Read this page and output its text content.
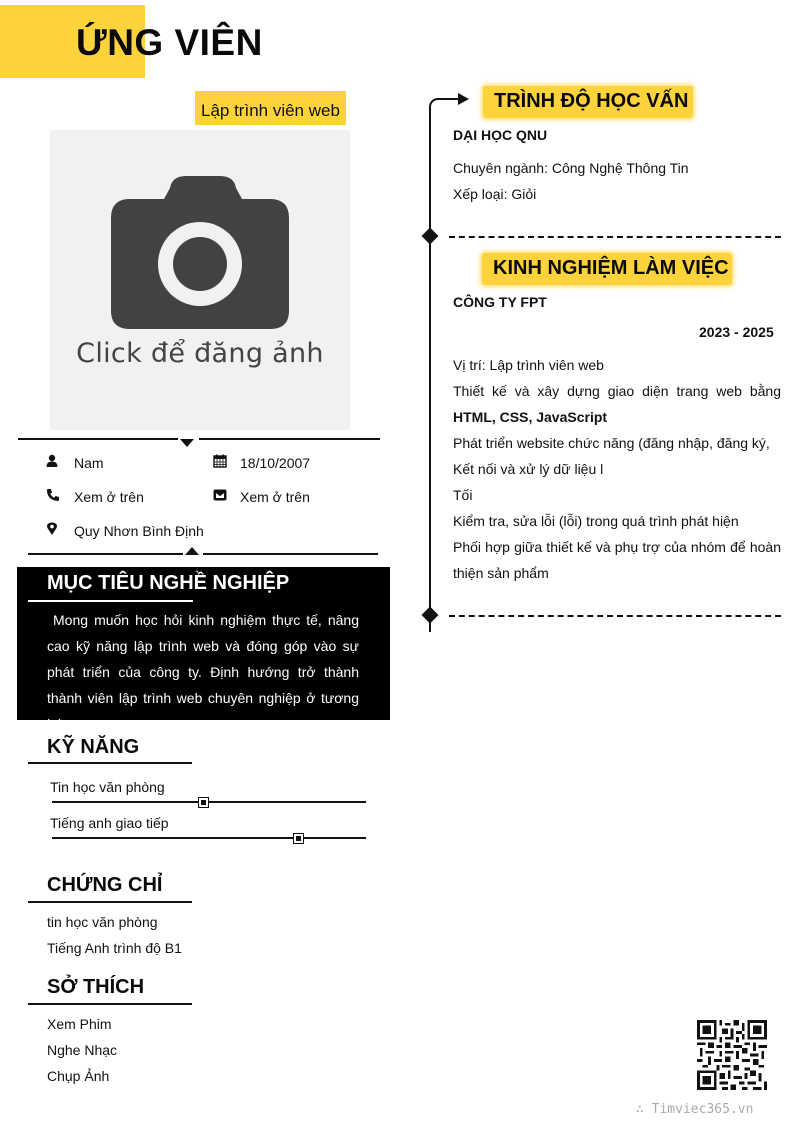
ỨNG VIÊN
Lập trình viên web
Click để đăng ảnh
Nam	18/10/2007
Xem ở trên	Xem ở trên
Quy Nhơn Bình Định
MỤC TIÊU NGHỀ NGHIỆP
Mong muốn học hỏi kinh nghiệm thực tế, nâng cao kỹ năng lập trình web và đóng góp vào sự phát triển của công ty. Định hướng trở thành thành viên lập trình web chuyên nghiệp ở tương lai.
KỸ NĂNG
Tin học văn phòng
Tiếng anh giao tiếp
CHỨNG CHỈ
tin học văn phòng
Tiếng Anh trình độ B1
SỞ THÍCH
Xem Phim
Nghe Nhạc
Chụp Ảnh
TRÌNH ĐỘ HỌC VẤN
DẠI HỌC QNU
Chuyên ngành: Công Nghệ Thông Tin
Xếp loại: Giỏi
KINH NGHIỆM LÀM VIỆC
CÔNG TY FPT
2023 - 2025
Vị trí: Lập trình viên web
Thiết kế và xây dựng giao diện trang web bằng
HTML, CSS, JavaScript
Phát triển website chức năng (đăng nhập, đăng ký,
Kết nối và xử lý dữ liệu l
Tối
Kiểm tra, sửa lỗi (lỗi) trong quá trình phát hiện
Phối hợp giữa thiết kế và phụ trợ của nhóm để hoàn thiện sản phẩm
∴ Timviec365.vn
